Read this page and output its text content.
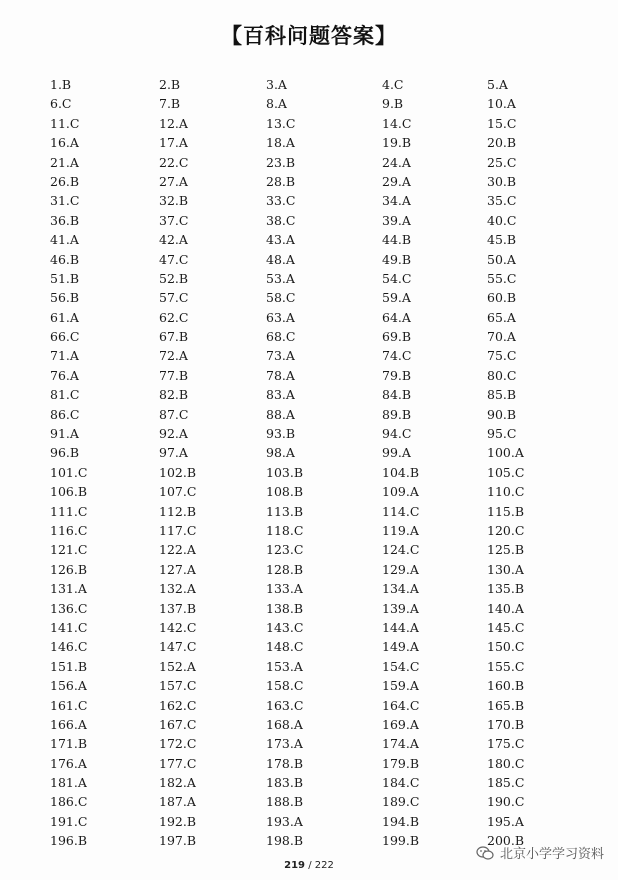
【百科问题答案】
1.B	2.B	3.A	4.C	5.A
6.C	7.B	8.A	9.B	10.A
11.C	12.A	13.C	14.C	15.C
16.A	17.A	18.A	19.B	20.B
21.A	22.C	23.B	24.A	25.C
26.B	27.A	28.B	29.A	30.B
31.C	32.B	33.C	34.A	35.C
36.B	37.C	38.C	39.A	40.C
41.A	42.A	43.A	44.B	45.B
46.B	47.C	48.A	49.B	50.A
51.B	52.B	53.A	54.C	55.C
56.B	57.C	58.C	59.A	60.B
61.A	62.C	63.A	64.A	65.A
66.C	67.B	68.C	69.B	70.A
71.A	72.A	73.A	74.C	75.C
76.A	77.B	78.A	79.B	80.C
81.C	82.B	83.A	84.B	85.B
86.C	87.C	88.A	89.B	90.B
91.A	92.A	93.B	94.C	95.C
96.B	97.A	98.A	99.A	100.A
101.C	102.B	103.B	104.B	105.C
106.B	107.C	108.B	109.A	110.C
111.C	112.B	113.B	114.C	115.B
116.C	117.C	118.C	119.A	120.C
121.C	122.A	123.C	124.C	125.B
126.B	127.A	128.B	129.A	130.A
131.A	132.A	133.A	134.A	135.B
136.C	137.B	138.B	139.A	140.A
141.C	142.C	143.C	144.A	145.C
146.C	147.C	148.C	149.A	150.C
151.B	152.A	153.A	154.C	155.C
156.A	157.C	158.C	159.A	160.B
161.C	162.C	163.C	164.C	165.B
166.A	167.C	168.A	169.A	170.B
171.B	172.C	173.A	174.A	175.C
176.A	177.C	178.B	179.B	180.C
181.A	182.A	183.B	184.C	185.C
186.C	187.A	188.B	189.C	190.C
191.C	192.B	193.A	194.B	195.A
196.B	197.B	198.B	199.B	200.B
219 / 222
北京小学学习资料
